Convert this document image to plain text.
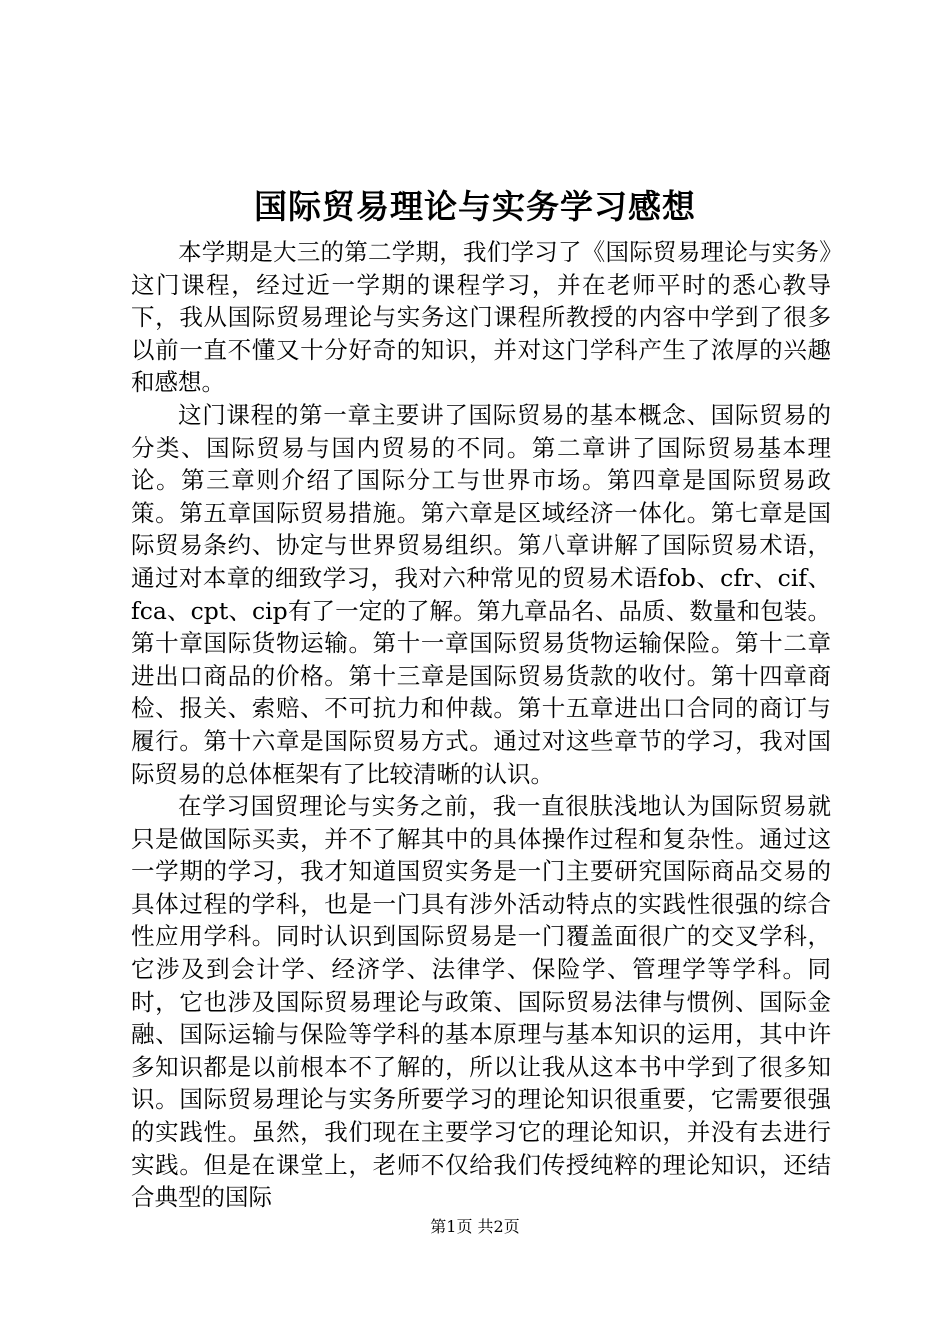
国际贸易理论与实务学习感想

本学期是大三的第二学期，我们学习了《国际贸易理论与实务》这门课程，经过近一学期的课程学习，并在老师平时的悉心教导下，我从国际贸易理论与实务这门课程所教授的内容中学到了很多以前一直不懂又十分好奇的知识，并对这门学科产生了浓厚的兴趣和感想。

这门课程的第一章主要讲了国际贸易的基本概念、国际贸易的分类、国际贸易与国内贸易的不同。第二章讲了国际贸易基本理论。第三章则介绍了国际分工与世界市场。第四章是国际贸易政策。第五章国际贸易措施。第六章是区域经济一体化。第七章是国际贸易条约、协定与世界贸易组织。第八章讲解了国际贸易术语，通过对本章的细致学习，我对六种常见的贸易术语fob、cfr、cif、fca、cpt、cip有了一定的了解。第九章品名、品质、数量和包装。第十章国际货物运输。第十一章国际贸易货物运输保险。第十二章进出口商品的价格。第十三章是国际贸易货款的收付。第十四章商检、报关、索赔、不可抗力和仲裁。第十五章进出口合同的商订与履行。第十六章是国际贸易方式。通过对这些章节的学习，我对国际贸易的总体框架有了比较清晰的认识。

在学习国贸理论与实务之前，我一直很肤浅地认为国际贸易就只是做国际买卖，并不了解其中的具体操作过程和复杂性。通过这一学期的学习，我才知道国贸实务是一门主要研究国际商品交易的具体过程的学科，也是一门具有涉外活动特点的实践性很强的综合性应用学科。同时认识到国际贸易是一门覆盖面很广的交叉学科，它涉及到会计学、经济学、法律学、保险学、管理学等学科。同时，它也涉及国际贸易理论与政策、国际贸易法律与惯例、国际金融、国际运输与保险等学科的基本原理与基本知识的运用，其中许多知识都是以前根本不了解的，所以让我从这本书中学到了很多知识。国际贸易理论与实务所要学习的理论知识很重要，它需要很强的实践性。虽然，我们现在主要学习它的理论知识，并没有去进行实践。但是在课堂上，老师不仅给我们传授纯粹的理论知识，还结合典型的国际

第1页 共2页
